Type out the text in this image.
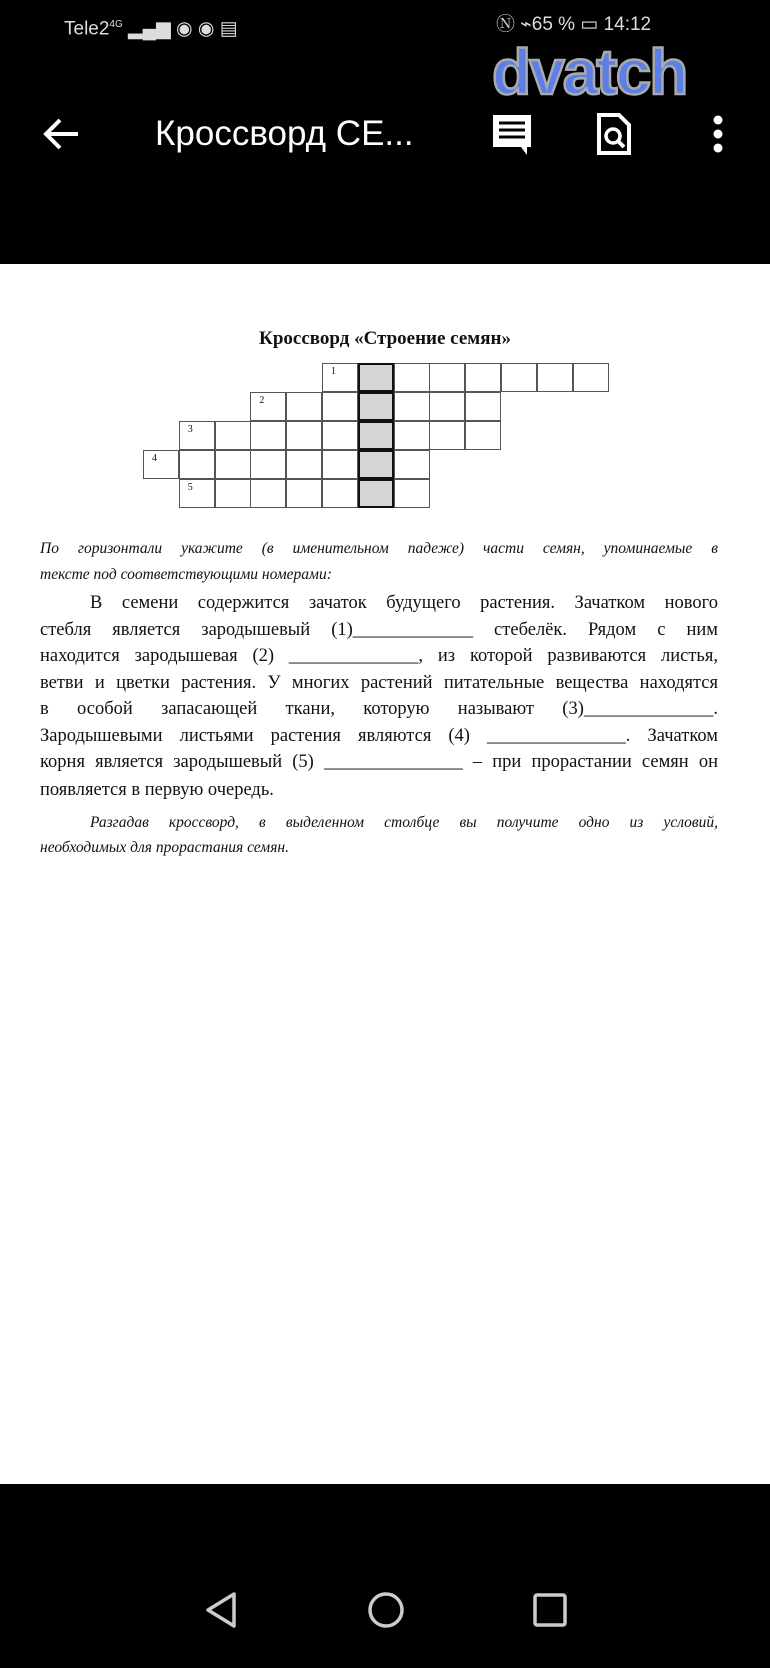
$Tele2^{4G}$ ▂▄▆ ◉ ◉ ▤	Ⓝ ⌁65 % ▭ 14:12
dvatch
Кроссворд СЕ...
Кроссворд «Строение семян»
1
2
3
4
5
По горизонтали укажите (в именительном падеже) части семян, упоминаемые в
тексте под соответствующими номерами:
В семени содержится зачаток будущего растения. Зачатком нового
стебля является зародышевый (1)_____________ стебелёк. Рядом с ним
находится зародышевая (2) ______________, из которой развиваются листья,
ветви и цветки растения. У многих растений питательные вещества находятся
в особой запасающей ткани, которую называют (3)______________.
Зародышевыми листьями растения являются (4) _______________. Зачатком
корня является зародышевый (5) _______________ – при прорастании семян он
появляется в первую очередь.
Разгадав кроссворд, в выделенном столбце вы получите одно из условий,
необходимых для прорастания семян.
